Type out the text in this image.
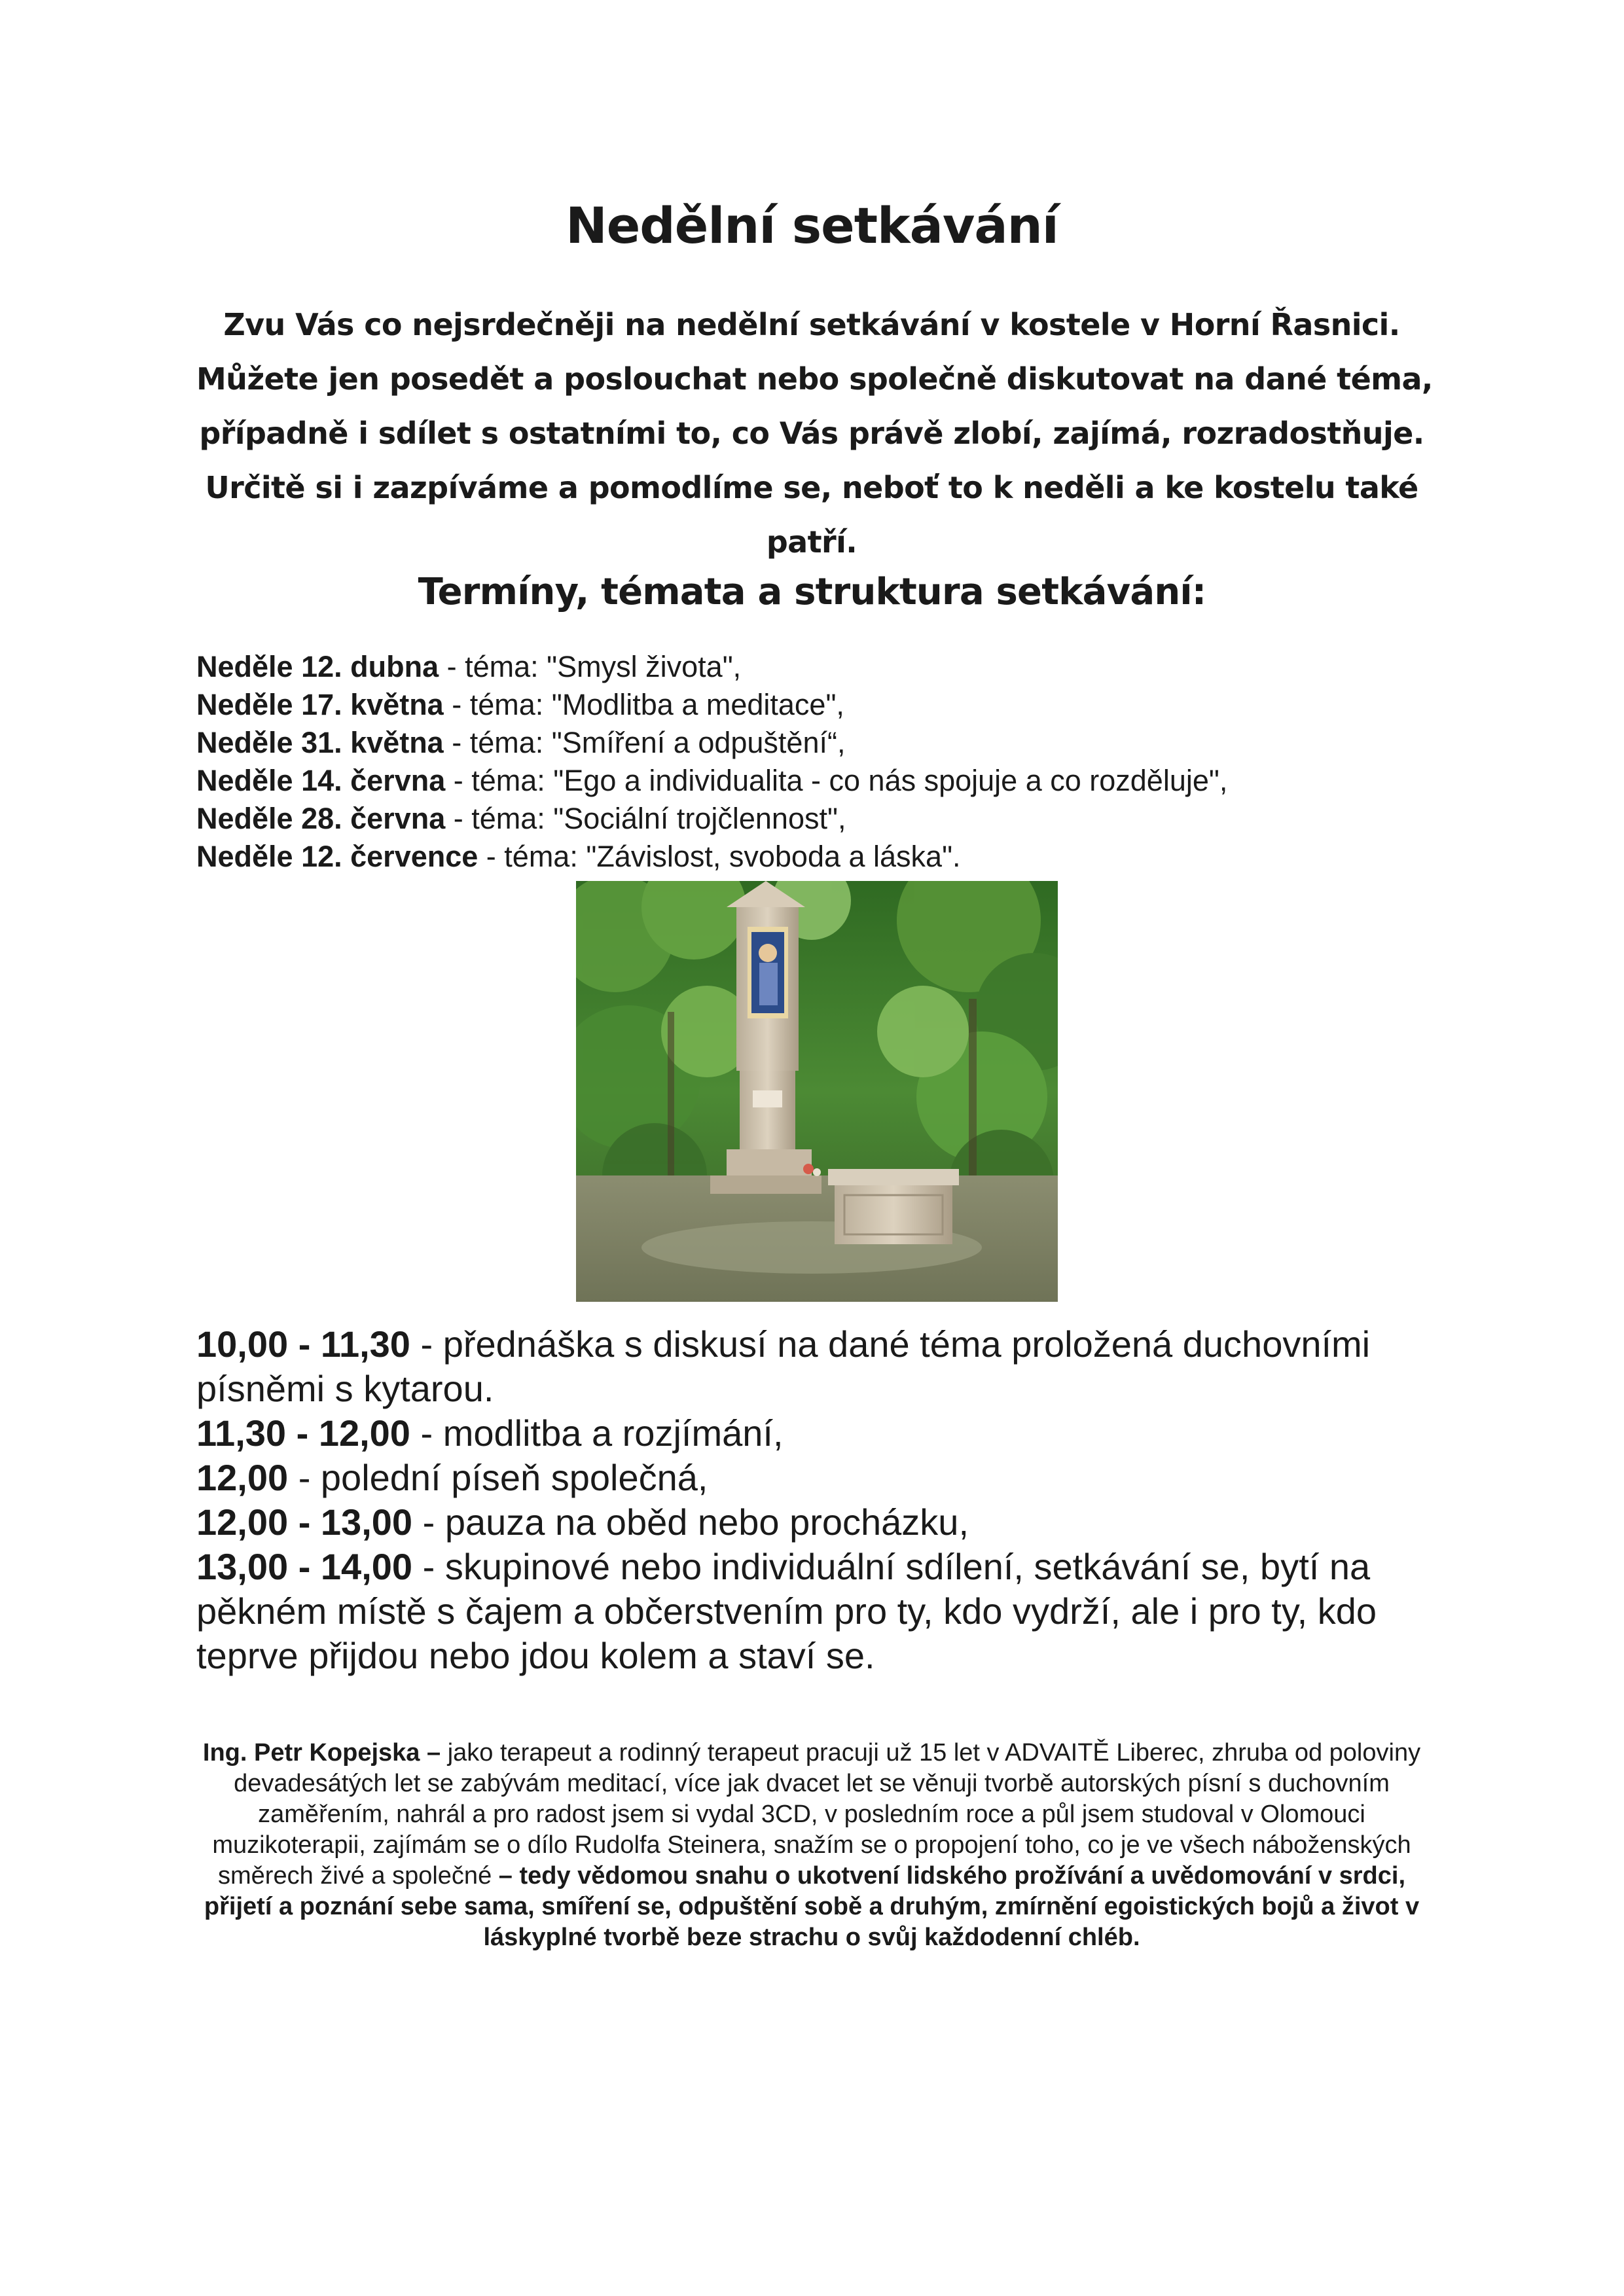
Nedělní setkávání
Zvu Vás co nejsrdečněji na nedělní setkávání v kostele v Horní Řasnici.
Můžete jen posedět a poslouchat nebo společně diskutovat na dané téma,
případně i sdílet s ostatními to, co Vás právě zlobí, zajímá, rozradostňuje.
Určitě si i zazpíváme a pomodlíme se, neboť to k neděli a ke kostelu také
patří.
Termíny, témata a struktura setkávání:
Neděle 12. dubna - téma: "Smysl života",
Neděle 17. května - téma: "Modlitba a meditace",
Neděle 31. května - téma: "Smíření a odpuštění“,
Neděle 14. června - téma: "Ego a individualita - co nás spojuje a co rozděluje",
Neděle 28. června - téma: "Sociální trojčlennost",
Neděle 12. července - téma: "Závislost, svoboda a láska".
10,00 - 11,30 - přednáška s diskusí na dané téma proložená duchovními písněmi s kytarou.
11,30 - 12,00 - modlitba a rozjímání,
12,00 - polední píseň společná,
12,00 - 13,00 - pauza na oběd nebo procházku,
13,00 - 14,00 - skupinové nebo individuální sdílení, setkávání se, bytí na pěkném místě s čajem a občerstvením pro ty, kdo vydrží, ale i pro ty, kdo teprve přijdou nebo jdou kolem a staví se.
Ing. Petr Kopejska – jako terapeut a rodinný terapeut pracuji už 15 let v ADVAITĚ Liberec, zhruba od poloviny devadesátých let se zabývám meditací, více jak dvacet let se věnuji tvorbě autorských písní s duchovním zaměřením, nahrál a pro radost jsem si vydal 3CD, v posledním roce a půl jsem studoval v Olomouci muzikoterapii, zajímám se o dílo Rudolfa Steinera, snažím se o propojení toho, co je ve všech náboženských směrech živé a společné – tedy vědomou snahu o ukotvení lidského prožívání a uvědomování v srdci, přijetí a poznání sebe sama, smíření se, odpuštění sobě a druhým, zmírnění egoistických bojů a život v láskyplné tvorbě beze strachu o svůj každodenní chléb.
